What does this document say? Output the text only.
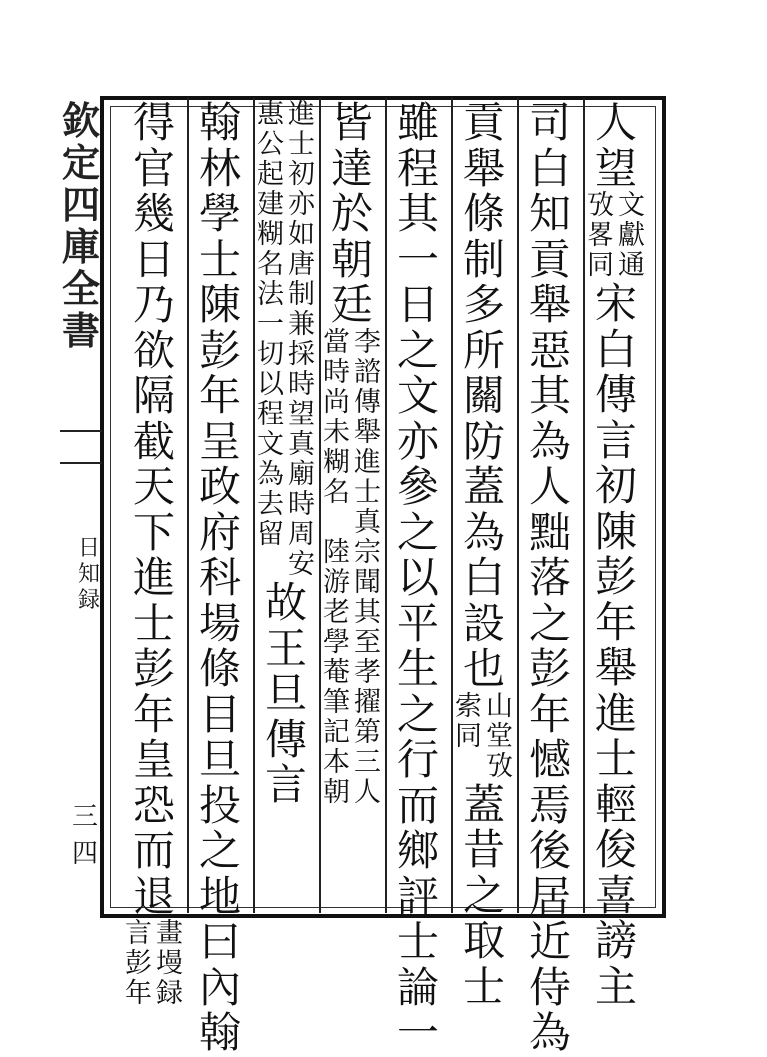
欽
定
四
庫
全
書
日
知
録
三四
人
望
文
獻
通
攷
畧
同
宋
白
傳
言
初
陳
彭
年
舉
進
士
輕
俊
喜
謗
主
司
白
知
貢
舉
惡
其
為
人
黜
落
之
彭
年
憾
焉
後
居
近
侍
為
貢
舉
條
制
多
所
關
防
蓋
為
白
設
也
山
堂
攷
索
同
蓋
昔
之
取
士
雖
程
其
一
日
之
文
亦
參
之
以
平
生
之
行
而
鄉
評
士
論
一
皆
達
於
朝
廷
李
諮
傳
舉
進
士
真
宗
聞
其
至
孝
擢
第
三
人
當
時
尚
未
糊
名

陸
游
老
學
菴
筆
記
本
朝
進
士
初
亦
如
唐
制
兼
採
時
望
真
廟
時
周
安
惠
公
起
建
糊
名
法
一
切
以
程
文
為
去
留
故
王
旦
傳
言
翰
林
學
士
陳
彭
年
呈
政
府
科
場
條
目
旦
投
之
地
曰
內
翰
得
官
幾
日
乃
欲
隔
截
天
下
進
士
彭
年
皇
恐
而
退
畫
墁
録
言
彭
年
